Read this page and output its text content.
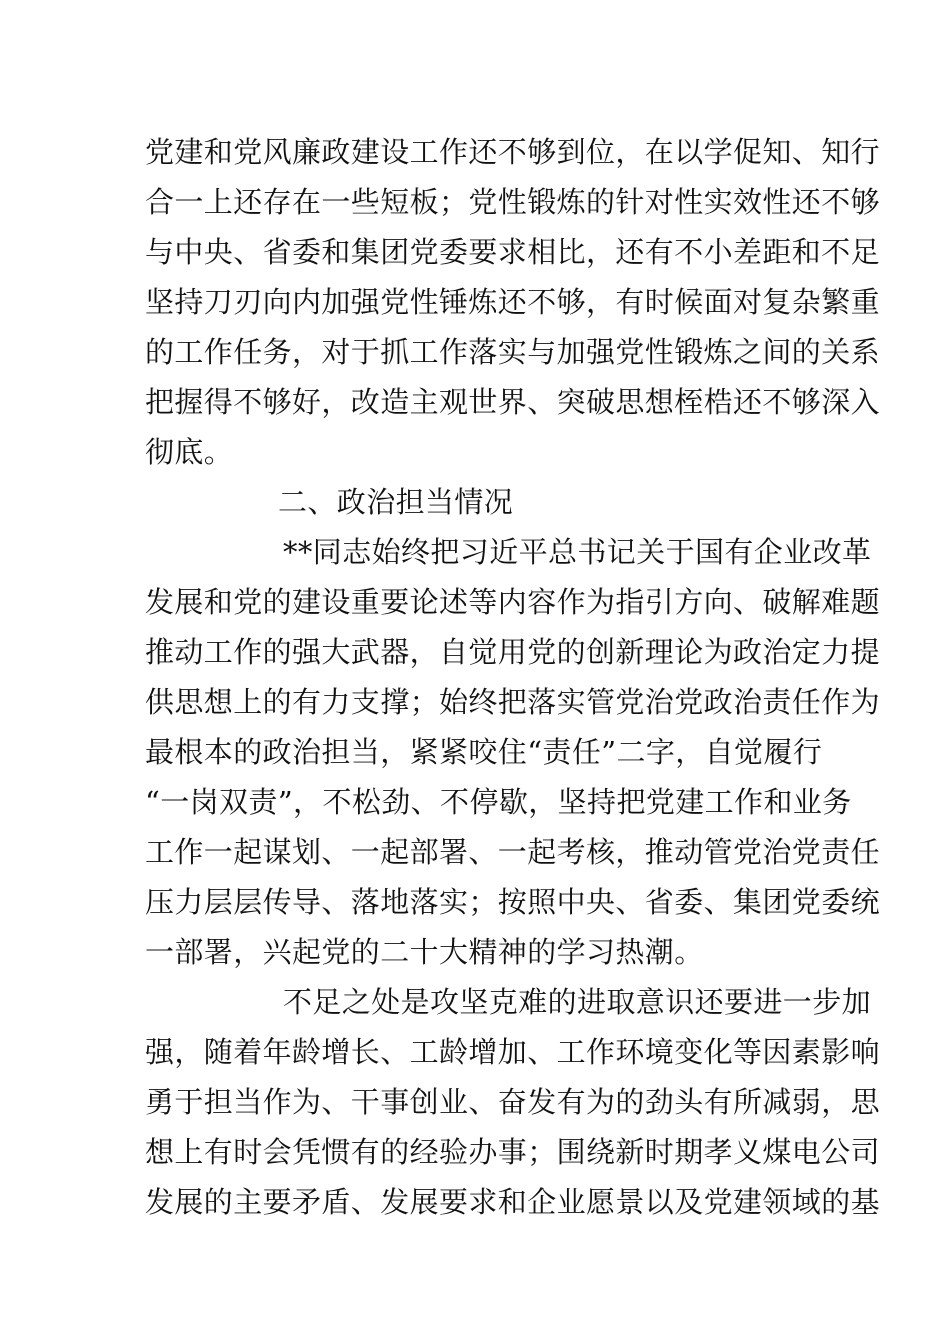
党建和党风廉政建设工作还不够到位，在以学促知、知行

合一上还存在一些短板；党性锻炼的针对性实效性还不够

与中央、省委和集团党委要求相比，还有不小差距和不足

坚持刀刃向内加强党性锤炼还不够，有时候面对复杂繁重

的工作任务，对于抓工作落实与加强党性锻炼之间的关系

把握得不够好，改造主观世界、突破思想桎梏还不够深入

彻底。

二、政治担当情况

**同志始终把习近平总书记关于国有企业改革

发展和党的建设重要论述等内容作为指引方向、破解难题

推动工作的强大武器，自觉用党的创新理论为政治定力提

供思想上的有力支撑；始终把落实管党治党政治责任作为

最根本的政治担当，紧紧咬住“责任”二字，自觉履行

“一岗双责”，不松劲、不停歇，坚持把党建工作和业务

工作一起谋划、一起部署、一起考核，推动管党治党责任

压力层层传导、落地落实；按照中央、省委、集团党委统

一部署，兴起党的二十大精神的学习热潮。

不足之处是攻坚克难的进取意识还要进一步加

强，随着年龄增长、工龄增加、工作环境变化等因素影响

勇于担当作为、干事创业、奋发有为的劲头有所减弱，思

想上有时会凭惯有的经验办事；围绕新时期孝义煤电公司

发展的主要矛盾、发展要求和企业愿景以及党建领域的基
